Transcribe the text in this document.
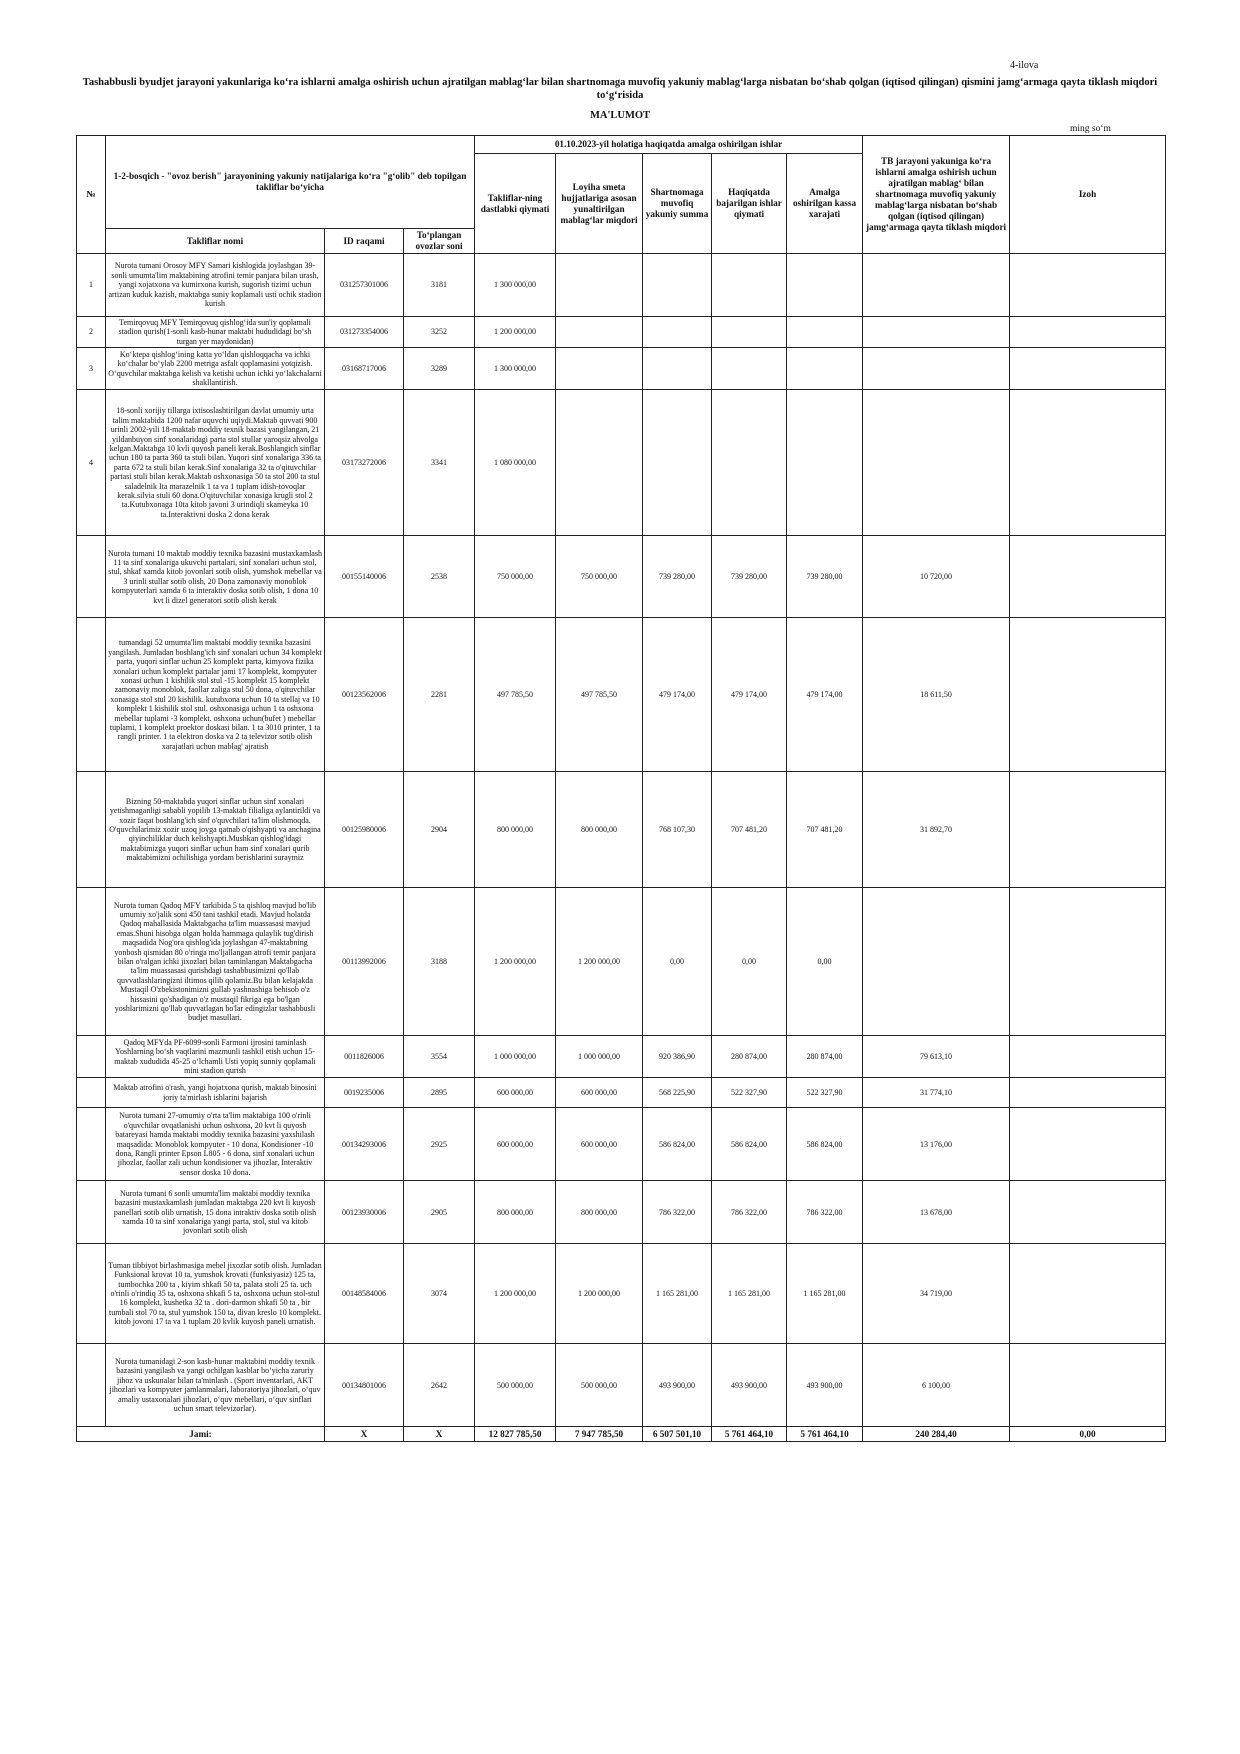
4-ilova
Tashabbusli byudjet jarayoni yakunlariga ko‘ra ishlarni amalga oshirish uchun ajratilgan mablag‘lar bilan shartnomaga muvofiq yakuniy mablag‘larga nisbatan bo‘shab qolgan (iqtisod qilingan) qismini jamg‘armaga qayta tiklash miqdori to‘g‘risida
MA'LUMOT
ming so‘m
№	1-2-bosqich - "ovoz berish" jarayonining yakuniy natijalariga ko‘ra "g‘olib" deb topilgan takliflar bo‘yicha			01.10.2023-yil holatiga haqiqatda amalga oshirilgan ishlar					TB jarayoni yakuniga ko‘ra ishlarni amalga oshirish uchun ajratilgan mablag‘ bilan shartnomaga muvofiq yakuniy mablag‘larga nisbatan bo‘shab qolgan (iqtisod qilingan) jamg‘armaga qayta tiklash miqdori	Izoh
				Takliflar-ning dastlabki qiymati	Loyiha smeta hujjatlariga asosan yunaltirilgan mablag‘lar miqdori	Shartnomaga muvofiq yakuniy summa	Haqiqatda bajarilgan ishlar qiymati	Amalga oshirilgan kassa xarajati		
	Takliflar nomi	ID raqami	To‘plangan ovozlar soni							
1	Nurota tumani Orosoy MFY Samari kishlogida joylashgan 39-sonli umumta'lim maktabining atrofini temir panjara bilan urash, yangi xojatxona va kumirxona kurish, sugorish tizimi uchun artizan kuduk kazish, maktabga suniy koplamali usti ochik stadion kurish	031257301006	3181	1 300 000,00						
2	Temirqovuq MFY Temirqovuq qishlog‘ida sun'iy qoplamali stadion qurish(1-sonli kasb-hunar maktabi hududidagi bo‘sh turgan yer maydonidan)	031273354006	3252	1 200 000,00						
3	Ko‘ktepa qishlog‘ining katta yo‘ldan qishloqqacha va ichki ko‘chalar bo‘ylab 2200 metriga asfalt qoplamasini yotqizish. O‘quvchilar maktabga kelish va ketishi uchun ichki yo‘lakchalarni shakllantirish.	03168717006	3289	1 300 000,00						
4	18-sonli xorijiy tillarga ixtisoslashtirilgan davlat umumiy urta talim maktabida 1200 nafar uquvchi uqiydi.Maktab quvvati 900 urinli 2002-yili 18-maktab moddiy texnik bazasi yangilangan, 21 yildanbuyon sinf xonalaridagi parta stol stullar yaroqsiz ahvolga kelgan.Maktabga 10 kvli quyosh paneli kerak.Boshlangich sinflar uchun 180 ta parta 360 ta stuli bilan. Yuqori sinf xonalariga 336 ta parta 672 ta stuli bilan kerak.Sinf xonalariga 32 ta o'qituvchilar partasi stuli bilan kerak.Maktab oshxonasiga 50 ta stol 200 ta stul saladelnik Ita marazelnik 1 ta va 1 tuplam idish-tovoqlar kerak.silvia stuli 60 dona.O'qituvchilar xonasiga krugli stol 2 ta.Kutubxonaga 10ta kitob javoni 3 urindiqli skameyka 10 ta.Interaktivni doska 2 dona kerak	03173272006	3341	1 080 000,00						
	Nurota tumani 10 maktab moddiy texnika bazasini mustaxkamlash 11 ta sinf xonalariga ukuvchi partalari, sinf xonalari uchun stol, stul, shkaf xamda kitob jovonlari sotib olish, yumshok mebellar va 3 urinli stullar sotib olish, 20 Dona zamonaviy monoblok kompyuterlari xamda 6 ta interaktiv doska sotib olish, 1 dona 10 kvt li dizel generatori sotib olish kerak	00155140006	2538	750 000,00	750 000,00	739 280,00	739 280,00	739 280,00	10 720,00	
	tumandagi 52 umumta'lim maktabi moddiy texnika bazasini yangilash. Jumladan boshlang'ich sinf xonalari uchun 34 komplekt parta, yuqori sinflar uchun 25 komplekt parta, kimyova fizika xonalari uchun komplekt partalar jami 17 komplekt, kompyuter xonasi uchun 1 kishilik stol stul -15 komplekt 15 komplekt zamonaviy monoblok, faollar zaliga stul 50 dona, o'qituvchilar xonasiga stol stul 20 kishilik. kutubxona uchun 10 ta stellaj va 10 komplekt 1 kishilik stol stul. oshxonasiga uchun 1 ta oshxona mebellar tuplami -3 komplekt. oshxona uchun(bufet ) mebellar tuplami, 1 komplekt proektor doskasi bilan. 1 ta 3010 printer, 1 ta rangli printer. 1 ta elektron doska va 2 ta televizor sotib olish xarajatlari uchun mablag' ajratish	00123562006	2281	497 785,50	497 785,50	479 174,00	479 174,00	479 174,00	18 611,50	
	Bizning 50-maktabda yuqori sinflar uchun sinf xonalari yetishmaganligi sababli yopilib 13-maktab filialiga aylantirildi va xozir faqat boshlang'ich sinf o'quvchilari ta'lim olishmoqda. O'quvchilarimiz xozir uzoq joyga qatnab o'qishyapti va anchagina qiyinchiliklar duch kelishyapti.Mushkan qishlog'idagi maktabimizga yuqori sinflar uchun ham sinf xonalari qurib maktabimizni ochilishiga yordam berishlarini suraymiz	00125980006	2904	800 000,00	800 000,00	768 107,30	707 481,20	707 481,20	31 892,70	
	Nurota tuman Qadoq MFY tarkibida 5 ta qishloq mavjud bo'lib umumiy xo'jalik soni 450 tani tashkil etadi. Mavjud holatda Qadoq mahallasida Maktabgacha ta'lim muassasasi mavjud emas.Shuni hisobga olgan holda hammaga qulaylik tug'dirish maqsadida Nog'ora qishlog'ida joylashgan 47-maktabning yonbosh qismidan 80 o'ringa mo'ljallangan atrofi temir panjara bilan o'ralgan ichki jixozlari bilan taminlangan Maktabgacha ta'lim muassasasi qurishdagi tashabbusimizni qo'llab quvvatlashlaringizni iltimos qilib qolamiz.Bu bilan kelajakda Mustaqil O'zbekistonimizni gullab yashnashiga behisob o'z hissasini qo'shadigan o'z mustaqil fikriga ega bo'lgan yoshlarimizni qo'llab quvvatlagan bo'lar edingizlar tashabbusli budjet masullari.	00113992006	3188	1 200 000,00	1 200 000,00	0,00	0,00	0,00		
	Qadoq MFYda PF-6099-sonli Farmoni ijrosini taminlash Yoshlarning bo‘sh vaqtlarini mazmunli tashkil etish uchun 15-maktab xududida 45-25 o‘lchamli Usti yopiq sunniy qoplamali mini stadion qurish	0011826006	3554	1 000 000,00	1 000 000,00	920 386,90	280 874,00	280 874,00	79 613,10	
	Maktab atrofini o'rash, yangi hojatxona qurish, maktab binosini joriy ta'mirlash ishlarini bajarish	0019235006	2895	600 000,00	600 000,00	568 225,90	522 327,90	522 327,90	31 774,10	
	Nurota tumani 27-umumiy o'rta ta'lim maktabiga 100 o'rinli o'quvchilar ovqatlanishi uchun oshxona, 20 kvt li quyosh batareyasi hamda maktabi moddiy texnika bazasini yaxshilash maqsadida: Monoblok kompyuter - 10 dona, Kondisioner -10 dona, Rangli printer Epson L805 - 6 dona, sinf xonalari uchun jihozlar, faollar zali uchun kondisioner va jihozlar, Interaktiv sensor doska 10 dona.	00134293006	2925	600 000,00	600 000,00	586 824,00	586 824,00	586 824,00	13 176,00	
	Nurota tumani 6 sonli umumta'lim maktabi moddiy texnika bazasini mustaxkamlash jumladan maktabga 220 kvt li kuyosh panellari sotib olib urnatish, 15 dona intraktiv doska sotib olish xamda 10 ta sinf xonalariga yangi parta, stol, stul va kitob jovonlari sotib olish	00123930006	2905	800 000,00	800 000,00	786 322,00	786 322,00	786 322,00	13 678,00	
	Tuman tibbiyot birlashmasiga mebel jixozlar sotib olish. Jumladan Funksional krovat 10 ta, yumshok krovati (funksiyasiz) 125 ta, tumbochka 200 ta , kiyim shkafi 50 ta, palata stoli 25 ta. uch o'rinli o'rindiq 35 ta, oshxona shkafi 5 ta, oshxona uchun stol-stul 16 komplekt, kushetka 32 ta . dori-darmon shkafi 50 ta , bir tumbali stol 70 ta, stul yumshok 150 ta, divan kreslo 10 komplekt. kitob jovoni 17 ta va 1 tuplam 20 kvlik kuyosh paneli urnatish.	00148584006	3074	1 200 000,00	1 200 000,00	1 165 281,00	1 165 281,00	1 165 281,00	34 719,00	
	Nurota tumanidagi 2-son kasb-hunar maktabini moddiy texnik bazasini yangilash va yangi ochilgan kasblar bo‘yicha zaruriy jihoz va uskunalar bilan ta'minlash . (Sport inventarlari, AKT jihozlari va kompyuter jamlanmalari, laboratoriya jihozlari, o‘quv amaliy ustaxonalari jihozlari, o‘quv mebellari, o‘quv sinflari uchun smart televizorlar).	00134801006	2642	500 000,00	500 000,00	493 900,00	493 900,00	493 900,00	6 100,00	
Jami:		X	X	12 827 785,50	7 947 785,50	6 507 501,10	5 761 464,10	5 761 464,10	240 284,40	0,00
